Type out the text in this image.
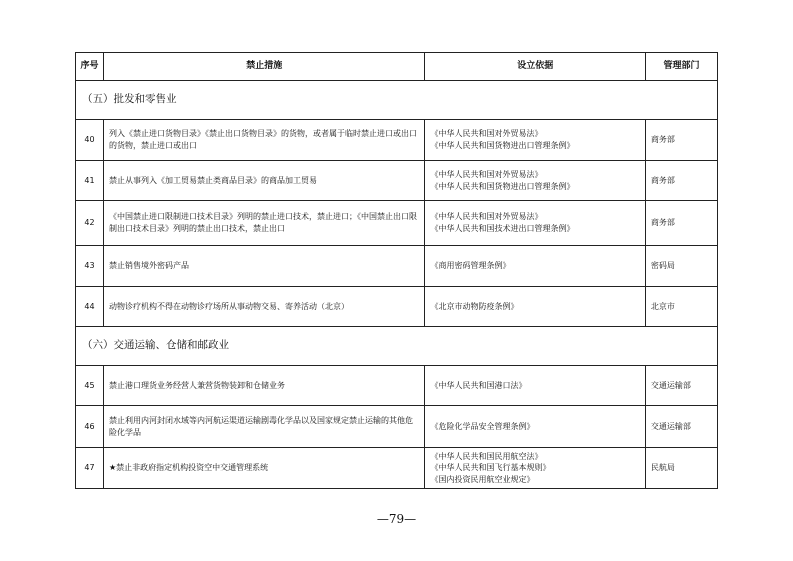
序号	禁止措施	设立依据	管理部门
（五）批发和零售业			
40	列入《禁止进口货物目录》《禁止出口货物目录》的货物，或者属于临时禁止进口或出口的货物，禁止进口或出口	《中华人民共和国对外贸易法》
《中华人民共和国货物进出口管理条例》	商务部
41	禁止从事列入《加工贸易禁止类商品目录》的商品加工贸易	《中华人民共和国对外贸易法》
《中华人民共和国货物进出口管理条例》	商务部
42	《中国禁止进口限制进口技术目录》列明的禁止进口技术，禁止进口；《中国禁止出口限制出口技术目录》列明的禁止出口技术，禁止出口	《中华人民共和国对外贸易法》
《中华人民共和国技术进出口管理条例》	商务部
43	禁止销售境外密码产品	《商用密码管理条例》	密码局
44	动物诊疗机构不得在动物诊疗场所从事动物交易、寄养活动（北京）	《北京市动物防疫条例》	北京市
（六）交通运输、仓储和邮政业			
45	禁止港口理货业务经营人兼营货物装卸和仓储业务	《中华人民共和国港口法》	交通运输部
46	禁止利用内河封闭水域等内河航运渠道运输剧毒化学品以及国家规定禁止运输的其他危险化学品	《危险化学品安全管理条例》	交通运输部
47	★禁止非政府指定机构投资空中交通管理系统	《中华人民共和国民用航空法》
《中华人民共和国飞行基本规则》
《国内投资民用航空业规定》	民航局
—79—
